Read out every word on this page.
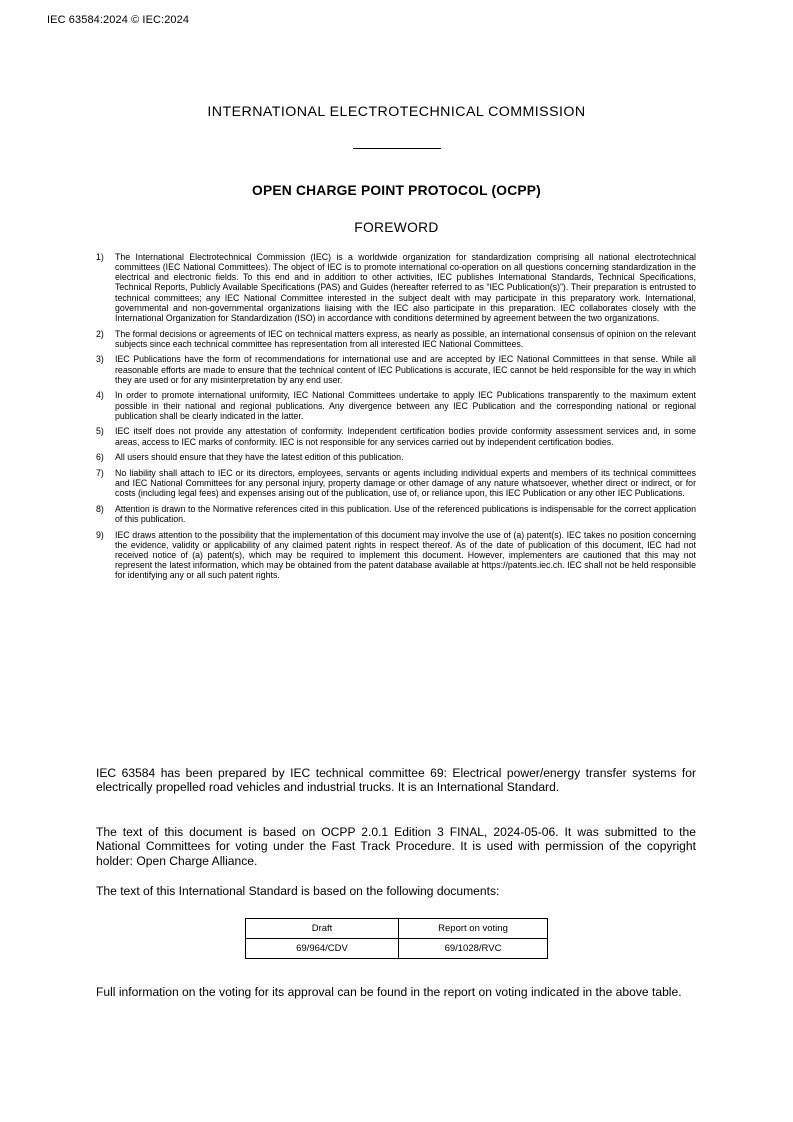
IEC 63584:2024 © IEC:2024
INTERNATIONAL ELECTROTECHNICAL COMMISSION
OPEN CHARGE POINT PROTOCOL (OCPP)
FOREWORD
1)	The International Electrotechnical Commission (IEC) is a worldwide organization for standardization comprising all national electrotechnical committees (IEC National Committees). The object of IEC is to promote international co-operation on all questions concerning standardization in the electrical and electronic fields. To this end and in addition to other activities, IEC publishes International Standards, Technical Specifications, Technical Reports, Publicly Available Specifications (PAS) and Guides (hereafter referred to as “IEC Publication(s)”). Their preparation is entrusted to technical committees; any IEC National Committee interested in the subject dealt with may participate in this preparatory work. International, governmental and non-governmental organizations liaising with the IEC also participate in this preparation. IEC collaborates closely with the International Organization for Standardization (ISO) in accordance with conditions determined by agreement between the two organizations.
2)	The formal decisions or agreements of IEC on technical matters express, as nearly as possible, an international consensus of opinion on the relevant subjects since each technical committee has representation from all interested IEC National Committees.
3)	IEC Publications have the form of recommendations for international use and are accepted by IEC National Committees in that sense. While all reasonable efforts are made to ensure that the technical content of IEC Publications is accurate, IEC cannot be held responsible for the way in which they are used or for any misinterpretation by any end user.
4)	In order to promote international uniformity, IEC National Committees undertake to apply IEC Publications transparently to the maximum extent possible in their national and regional publications. Any divergence between any IEC Publication and the corresponding national or regional publication shall be clearly indicated in the latter.
5)	IEC itself does not provide any attestation of conformity. Independent certification bodies provide conformity assessment services and, in some areas, access to IEC marks of conformity. IEC is not responsible for any services carried out by independent certification bodies.
6)	All users should ensure that they have the latest edition of this publication.
7)	No liability shall attach to IEC or its directors, employees, servants or agents including individual experts and members of its technical committees and IEC National Committees for any personal injury, property damage or other damage of any nature whatsoever, whether direct or indirect, or for costs (including legal fees) and expenses arising out of the publication, use of, or reliance upon, this IEC Publication or any other IEC Publications.
8)	Attention is drawn to the Normative references cited in this publication. Use of the referenced publications is indispensable for the correct application of this publication.
9)	IEC draws attention to the possibility that the implementation of this document may involve the use of (a) patent(s). IEC takes no position concerning the evidence, validity or applicability of any claimed patent rights in respect thereof. As of the date of publication of this document, IEC had not received notice of (a) patent(s), which may be required to implement this document. However, implementers are cautioned that this may not represent the latest information, which may be obtained from the patent database available at https://patents.iec.ch. IEC shall not be held responsible for identifying any or all such patent rights.

IEC 63584 has been prepared by IEC technical committee 69: Electrical power/energy transfer systems for electrically propelled road vehicles and industrial trucks. It is an International Standard.

The text of this document is based on OCPP 2.0.1 Edition 3 FINAL, 2024-05-06. It was submitted to the National Committees for voting under the Fast Track Procedure. It is used with permission of the copyright holder: Open Charge Alliance.

The text of this International Standard is based on the following documents:

Draft	Report on voting
69/964/CDV	69/1028/RVC

Full information on the voting for its approval can be found in the report on voting indicated in the above table.
